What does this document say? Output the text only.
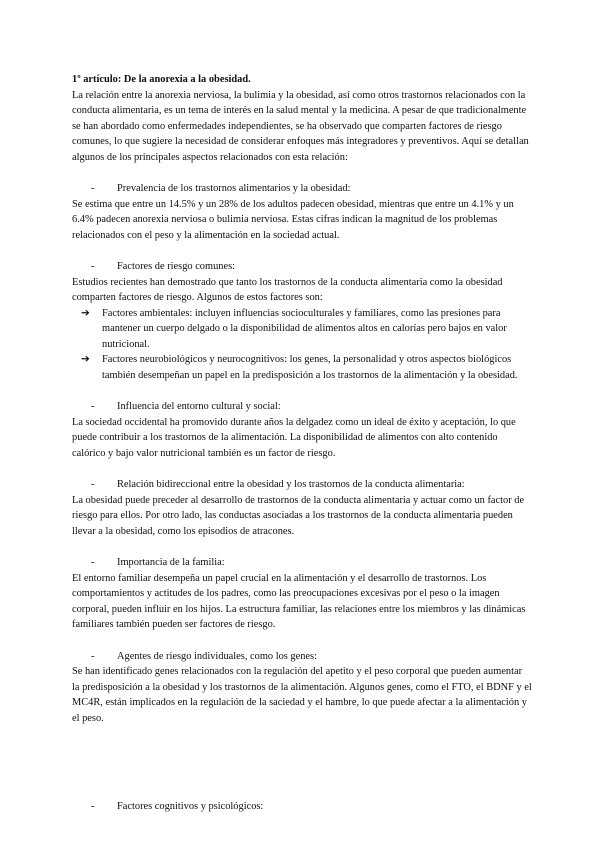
1º artículo: De la anorexia a la obesidad.

La relación entre la anorexia nerviosa, la bulimia y la obesidad, así como otros trastornos relacionados con la conducta alimentaria, es un tema de interés en la salud mental y la medicina. A pesar de que tradicionalmente se han abordado como enfermedades independientes, se ha observado que comparten factores de riesgo comunes, lo que sugiere la necesidad de considerar enfoques más integradores y preventivos. Aquí se detallan algunos de los principales aspectos relacionados con esta relación:

- Prevalencia de los trastornos alimentarios y la obesidad:

Se estima que entre un 14.5% y un 28% de los adultos padecen obesidad, mientras que entre un 4.1% y un 6.4% padecen anorexia nerviosa o bulimia nerviosa. Estas cifras indican la magnitud de los problemas relacionados con el peso y la alimentación en la sociedad actual.

- Factores de riesgo comunes:

Estudios recientes han demostrado que tanto los trastornos de la conducta alimentaria como la obesidad comparten factores de riesgo. Algunos de estos factores son:

➔ Factores ambientales: incluyen influencias socioculturales y familiares, como las presiones para mantener un cuerpo delgado o la disponibilidad de alimentos altos en calorías pero bajos en valor nutricional.
➔ Factores neurobiológicos y neurocognitivos: los genes, la personalidad y otros aspectos biológicos también desempeñan un papel en la predisposición a los trastornos de la alimentación y la obesidad.
- Influencia del entorno cultural y social:

La sociedad occidental ha promovido durante años la delgadez como un ideal de éxito y aceptación, lo que puede contribuir a los trastornos de la alimentación. La disponibilidad de alimentos con alto contenido calórico y bajo valor nutricional también es un factor de riesgo.

- Relación bidireccional entre la obesidad y los trastornos de la conducta alimentaria:

La obesidad puede preceder al desarrollo de trastornos de la conducta alimentaria y actuar como un factor de riesgo para ellos. Por otro lado, las conductas asociadas a los trastornos de la conducta alimentaria pueden llevar a la obesidad, como los episodios de atracones.

- Importancia de la familia:

El entorno familiar desempeña un papel crucial en la alimentación y el desarrollo de trastornos. Los comportamientos y actitudes de los padres, como las preocupaciones excesivas por el peso o la imagen corporal, pueden influir en los hijos. La estructura familiar, las relaciones entre los miembros y las dinámicas familiares también pueden ser factores de riesgo.

- Agentes de riesgo individuales, como los genes:

Se han identificado genes relacionados con la regulación del apetito y el peso corporal que pueden aumentar la predisposición a la obesidad y los trastornos de la alimentación. Algunos genes, como el FTO, el BDNF y el MC4R, están implicados en la regulación de la saciedad y el hambre, lo que puede afectar a la alimentación y el peso.

- Factores cognitivos y psicológicos:
